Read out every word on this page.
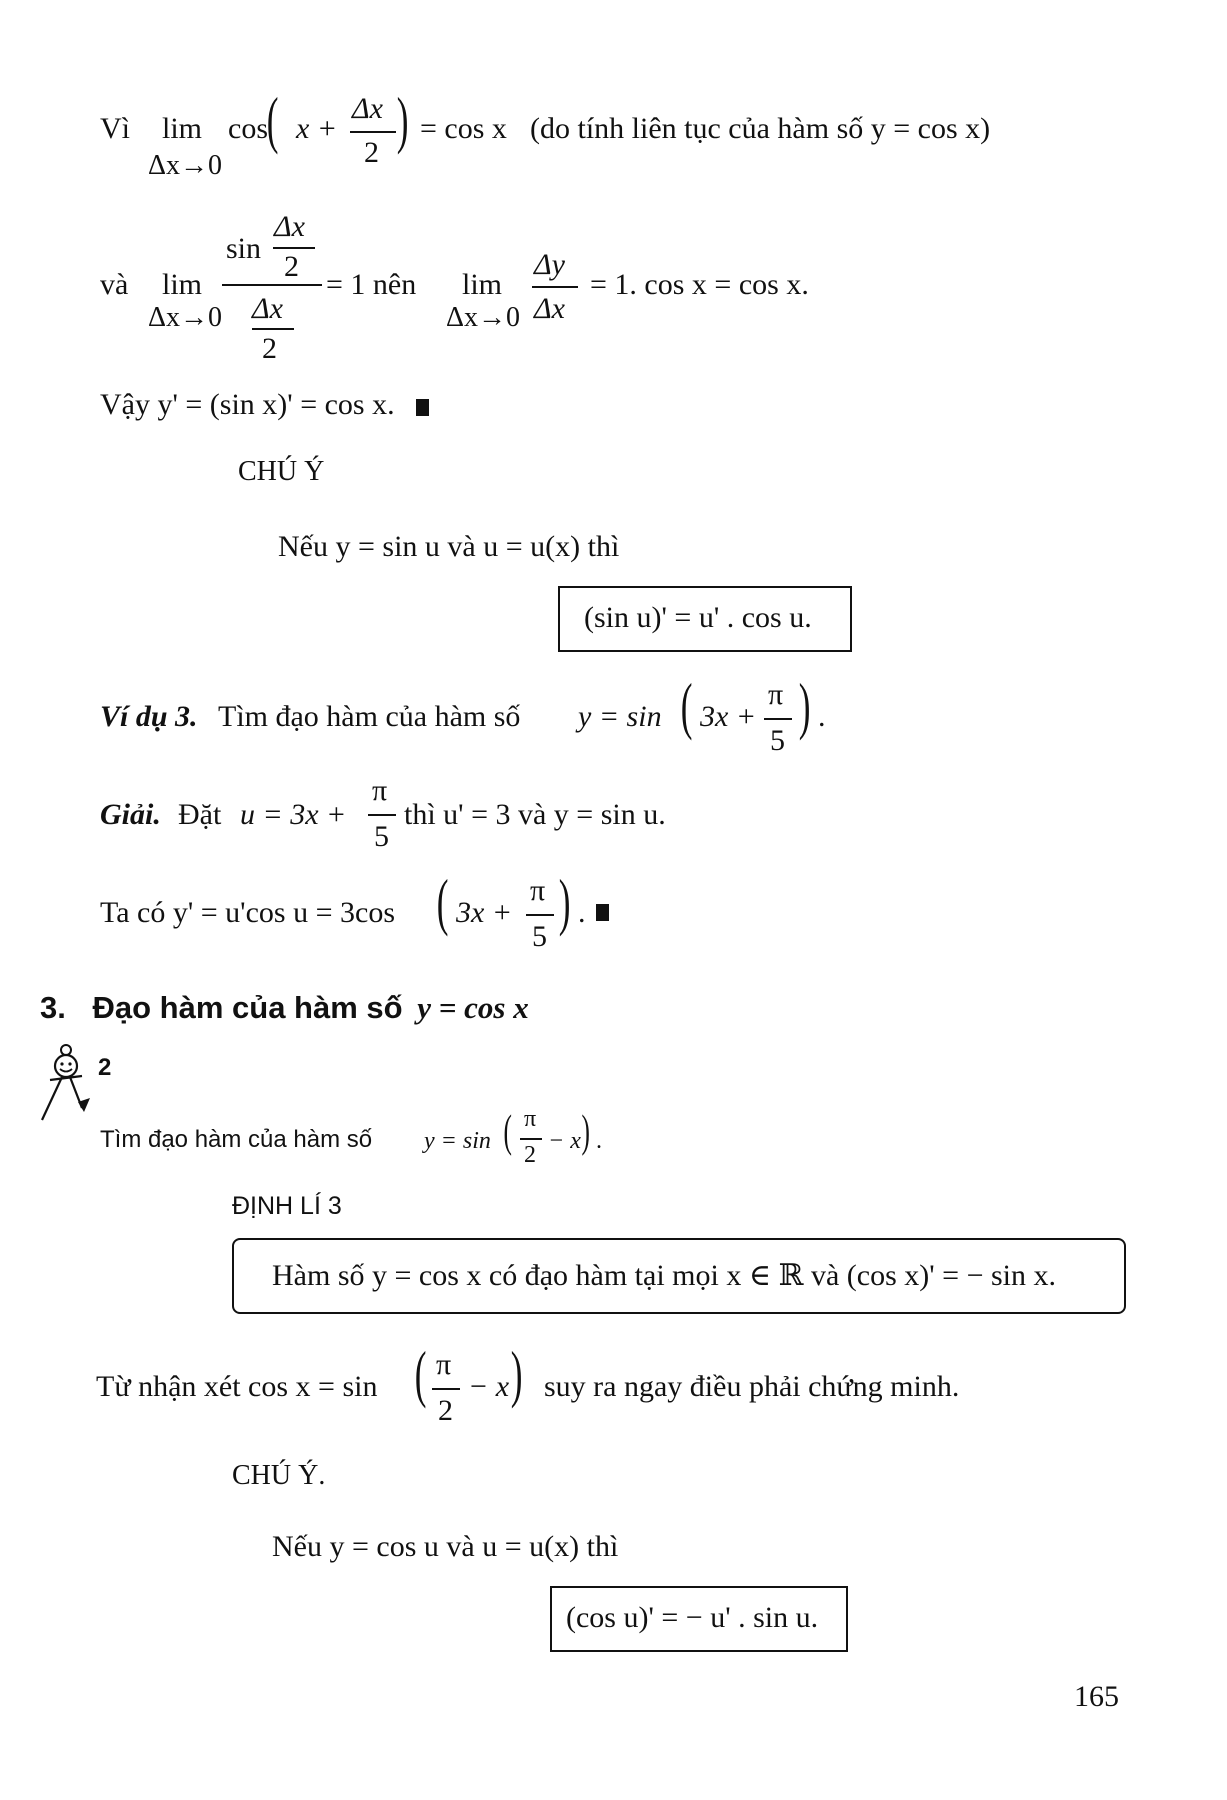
Vì lim
Δx→0
cos
( x +
Δx
2 ) = cos x (do tính liên tục của hàm số y = cos x)
và lim
Δx→0
sin
Δx
2
Δx
2
= 1 nên lim
Δx→0
Δy
Δx
= 1. cos x = cos x.
Vậy y' = (sin x)' = cos x.
CHÚ Ý
Nếu y = sin u và u = u(x) thì
(sin u)' = u' . cos u.
Ví dụ 3. Tìm đạo hàm của hàm số y = sin ( 3x +
π
5 ) .
Giải. Đặt u = 3x +
π
5
thì u' = 3 và y = sin u.
Ta có y' = u'cos u = 3cos ( 3x +
π
5 ) .
3. Đạo hàm của hàm số y = cos x
2
Tìm đạo hàm của hàm số y = sin ( π
2
− x ) .
ĐỊNH LÍ 3
Hàm số y = cos x có đạo hàm tại mọi x ∈ ℝ và (cos x)' = − sin x.
Từ nhận xét cos x = sin ( π
2
− x ) suy ra ngay điều phải chứng minh.
CHÚ Ý.
Nếu y = cos u và u = u(x) thì
(cos u)' = − u' . sin u.
165
